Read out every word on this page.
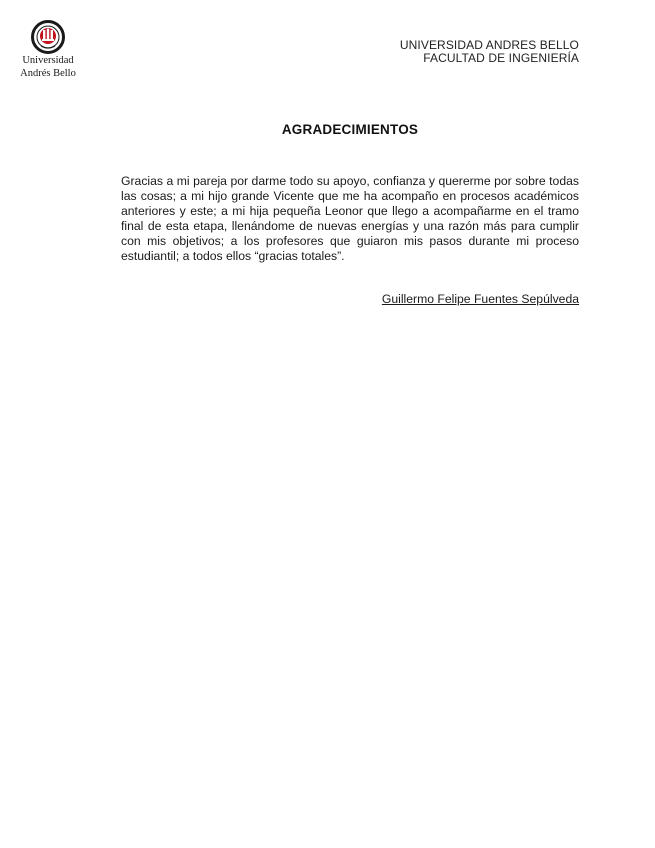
Universidad
Andrés Bello
UNIVERSIDAD ANDRES BELLO
FACULTAD DE INGENIERÍA
AGRADECIMIENTOS
Gracias a mi pareja por darme todo su apoyo, confianza y quererme por sobre todas las cosas; a mi hijo grande Vicente que me ha acompaño en procesos académicos anteriores y este; a mi hija pequeña Leonor que llego a acompañarme en el tramo final de esta etapa, llenándome de nuevas energías y una razón más para cumplir con mis objetivos; a los profesores que guiaron mis pasos durante mi proceso estudiantil; a todos ellos “gracias totales”.
Guillermo Felipe Fuentes Sepúlveda
